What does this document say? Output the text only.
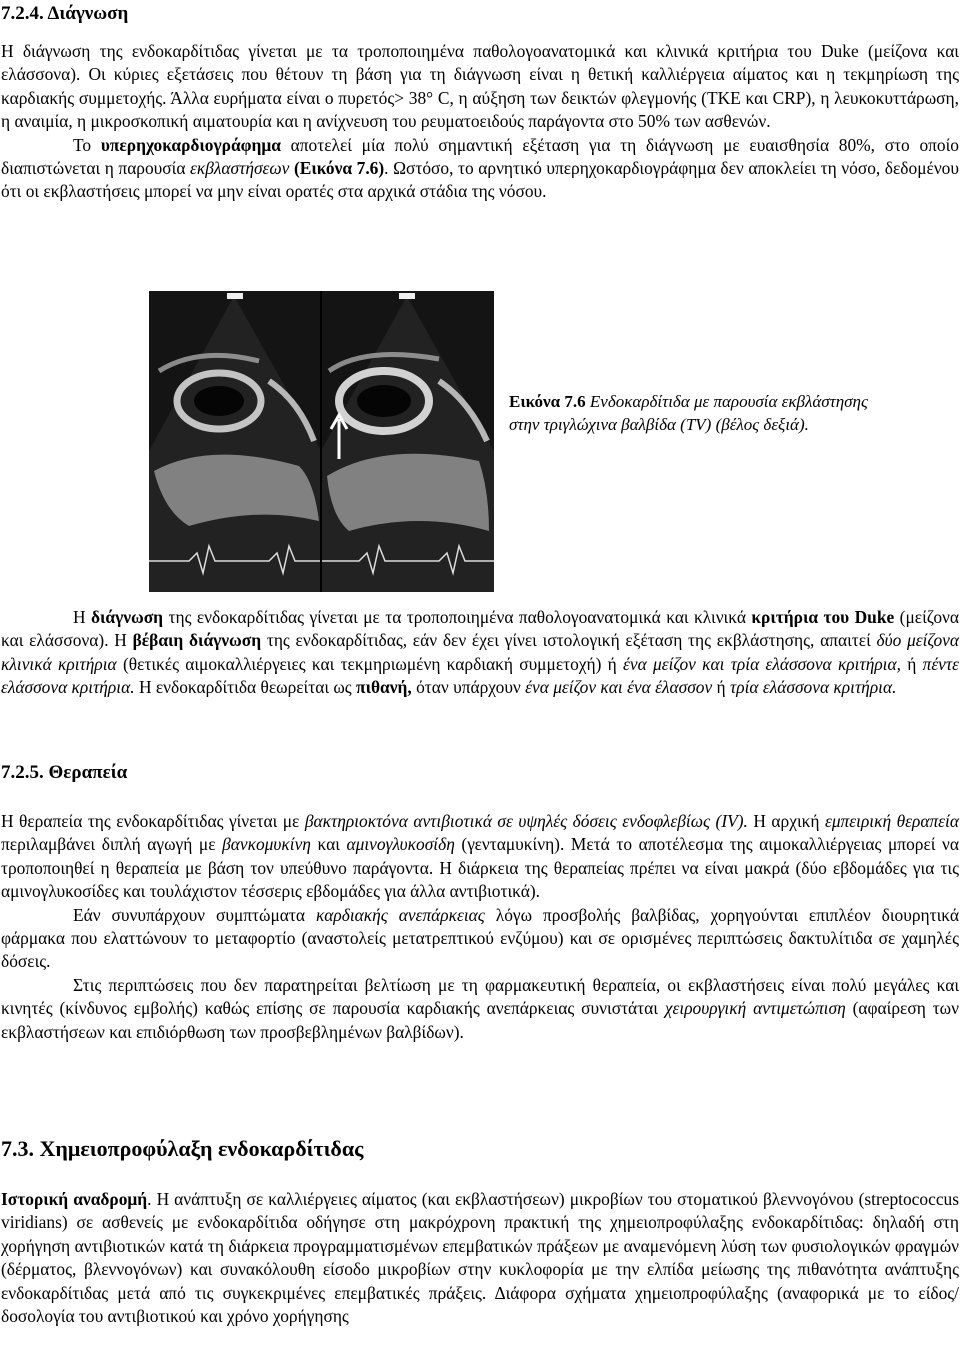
7.2.4. Διάγνωση

Η διάγνωση της ενδοκαρδίτιδας γίνεται με τα τροποποιημένα παθολογοανατομικά και κλινικά κριτήρια του Duke (μείζονα και ελάσσονα). Οι κύριες εξετάσεις που θέτουν τη βάση για τη διάγνωση είναι η θετική καλλιέργεια αίματος και η τεκμηρίωση της καρδιακής συμμετοχής. Άλλα ευρήματα είναι ο πυρετός> 38° C, η αύξηση των δεικτών φλεγμονής (ΤΚΕ και CRP), η λευκοκυττάρωση, η αναιμία, η μικροσκοπική αιματουρία και η ανίχνευση του ρευματοειδούς παράγοντα στο 50% των ασθενών.

Το υπερηχοκαρδιογράφημα αποτελεί μία πολύ σημαντική εξέταση για τη διάγνωση με ευαισθησία 80%, στο οποίο διαπιστώνεται η παρουσία εκβλαστήσεων (Εικόνα 7.6). Ωστόσο, το αρνητικό υπερηχοκαρδιογράφημα δεν αποκλείει τη νόσο, δεδομένου ότι οι εκβλαστήσεις μπορεί να μην είναι ορατές στα αρχικά στάδια της νόσου.

Εικόνα 7.6 Ενδοκαρδίτιδα με παρουσία εκβλάστησης στην τριγλώχινα βαλβίδα (TV) (βέλος δεξιά).

Η διάγνωση της ενδοκαρδίτιδας γίνεται με τα τροποποιημένα παθολογοανατομικά και κλινικά κριτήρια του Duke (μείζονα και ελάσσονα). Η βέβαιη διάγνωση της ενδοκαρδίτιδας, εάν δεν έχει γίνει ιστολογική εξέταση της εκβλάστησης, απαιτεί δύο μείζονα κλινικά κριτήρια (θετικές αιμοκαλλιέργειες και τεκμηριωμένη καρδιακή συμμετοχή) ή ένα μείζον και τρία ελάσσονα κριτήρια, ή πέντε ελάσσονα κριτήρια. Η ενδοκαρδίτιδα θεωρείται ως πιθανή, όταν υπάρχουν ένα μείζον και ένα έλασσον ή τρία ελάσσονα κριτήρια.

7.2.5. Θεραπεία

Η θεραπεία της ενδοκαρδίτιδας γίνεται με βακτηριοκτόνα αντιβιοτικά σε υψηλές δόσεις ενδοφλεβίως (IV). Η αρχική εμπειρική θεραπεία περιλαμβάνει διπλή αγωγή με βανκομυκίνη και αμινογλυκοσίδη (γενταμυκίνη). Μετά το αποτέλεσμα της αιμοκαλλιέργειας μπορεί να τροποποιηθεί η θεραπεία με βάση τον υπεύθυνο παράγοντα. Η διάρκεια της θεραπείας πρέπει να είναι μακρά (δύο εβδομάδες για τις αμινογλυκοσίδες και τουλάχιστον τέσσερις εβδομάδες για άλλα αντιβιοτικά).

Εάν συνυπάρχουν συμπτώματα καρδιακής ανεπάρκειας λόγω προσβολής βαλβίδας, χορηγούνται επιπλέον διουρητικά φάρμακα που ελαττώνουν το μεταφορτίο (αναστολείς μετατρεπτικού ενζύμου) και σε ορισμένες περιπτώσεις δακτυλίτιδα σε χαμηλές δόσεις.

Στις περιπτώσεις που δεν παρατηρείται βελτίωση με τη φαρμακευτική θεραπεία, οι εκβλαστήσεις είναι πολύ μεγάλες και κινητές (κίνδυνος εμβολής) καθώς επίσης σε παρουσία καρδιακής ανεπάρκειας συνιστάται χειρουργική αντιμετώπιση (αφαίρεση των εκβλαστήσεων και επιδιόρθωση των προσβεβλημένων βαλβίδων).

7.3. Χημειοπροφύλαξη ενδοκαρδίτιδας

Ιστορική αναδρομή. Η ανάπτυξη σε καλλιέργειες αίματος (και εκβλαστήσεων) μικροβίων του στοματικού βλεννογόνου (streptococcus viridians) σε ασθενείς με ενδοκαρδίτιδα οδήγησε στη μακρόχρονη πρακτική της χημειοπροφύλαξης ενδοκαρδίτιδας: δηλαδή στη χορήγηση αντιβιοτικών κατά τη διάρκεια προγραμματισμένων επεμβατικών πράξεων με αναμενόμενη λύση των φυσιολογικών φραγμών (δέρματος, βλεννογόνων) και συνακόλουθη είσοδο μικροβίων στην κυκλοφορία με την ελπίδα μείωσης της πιθανότητα ανάπτυξης ενδοκαρδίτιδας μετά από τις συγκεκριμένες επεμβατικές πράξεις. Διάφορα σχήματα χημειοπροφύλαξης (αναφορικά με το είδος/δοσολογία του αντιβιοτικού και χρόνο χορήγησης
